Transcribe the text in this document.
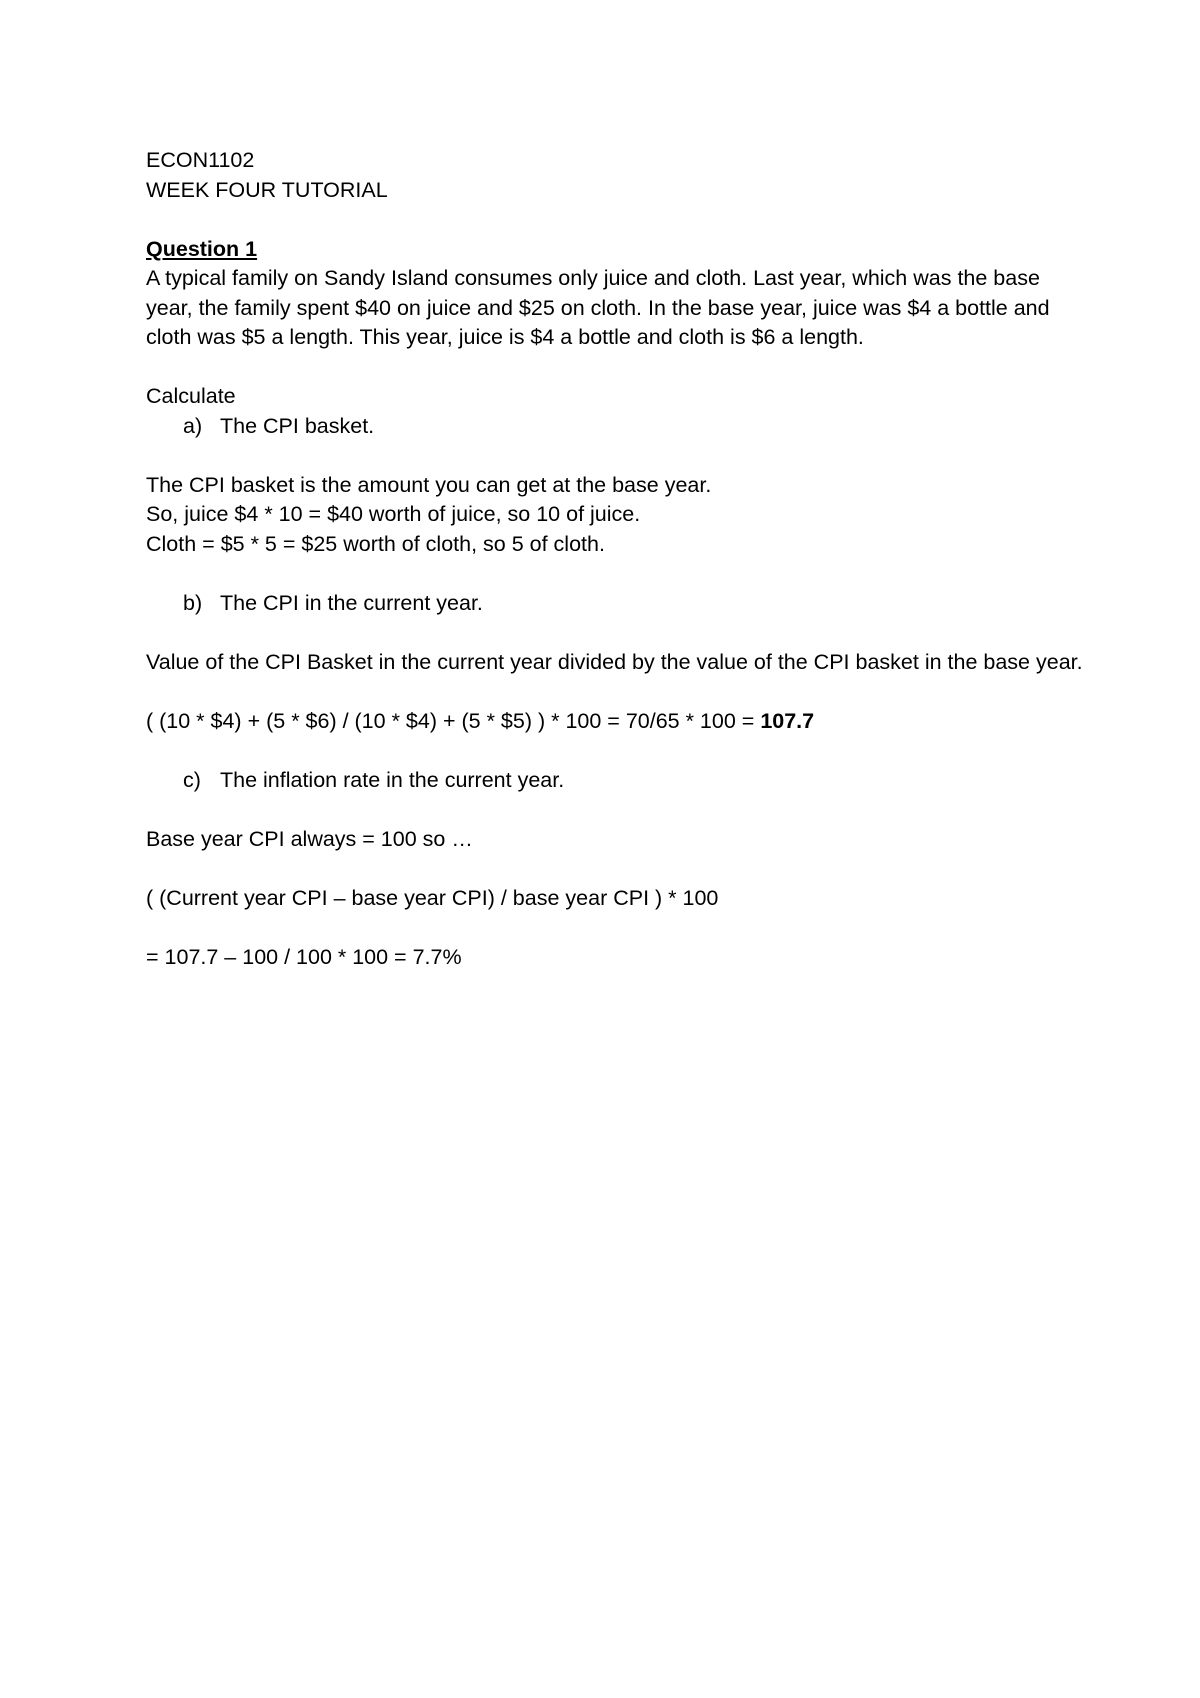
ECON1102
WEEK FOUR TUTORIAL
Question 1
A typical family on Sandy Island consumes only juice and cloth. Last year, which was the base year, the family spent $40 on juice and $25 on cloth. In the base year, juice was $4 a bottle and cloth was $5 a length. This year, juice is $4 a bottle and cloth is $6 a length.
Calculate
a) The CPI basket.
The CPI basket is the amount you can get at the base year.
So, juice $4 * 10 = $40 worth of juice, so 10 of juice.
Cloth = $5 * 5 = $25 worth of cloth, so 5 of cloth.
b) The CPI in the current year.
Value of the CPI Basket in the current year divided by the value of the CPI basket in the base year.
( (10 * $4) + (5 * $6) / (10 * $4) + (5 * $5) ) * 100 = 70/65 * 100 = 107.7
c) The inflation rate in the current year.
Base year CPI always = 100 so …
( (Current year CPI – base year CPI) / base year CPI ) * 100
= 107.7 – 100 / 100 * 100 = 7.7%
